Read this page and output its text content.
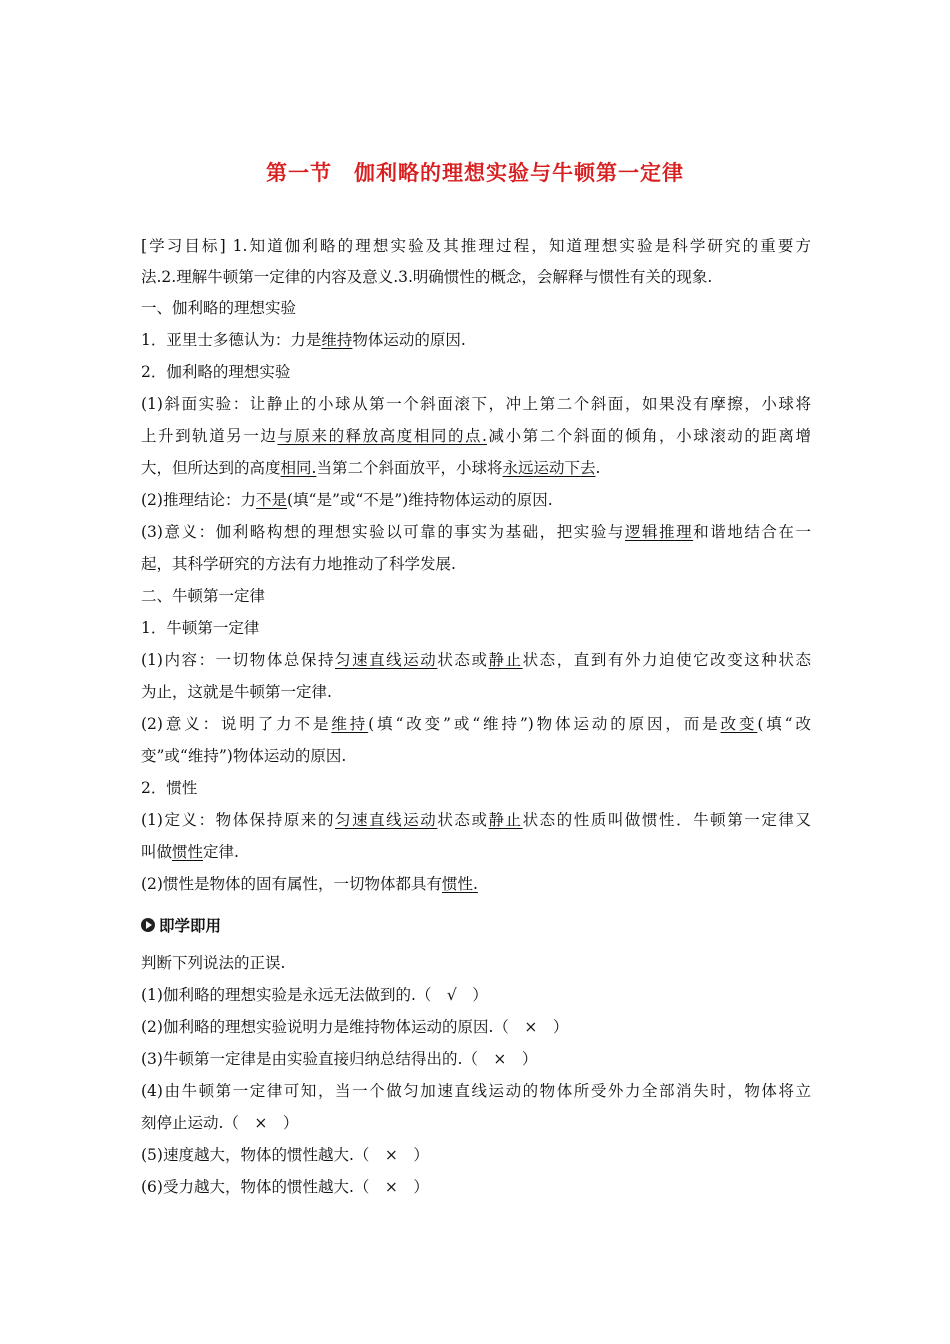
第一节　伽利略的理想实验与牛顿第一定律
[学习目标] 1.知道伽利略的理想实验及其推理过程，知道理想实验是科学研究的重要方
法.2.理解牛顿第一定律的内容及意义.3.明确惯性的概念，会解释与惯性有关的现象.
一、伽利略的理想实验
1．亚里士多德认为：力是维持物体运动的原因.
2．伽利略的理想实验
(1)斜面实验：让静止的小球从第一个斜面滚下，冲上第二个斜面，如果没有摩擦，小球将
上升到轨道另一边与原来的释放高度相同的点.减小第二个斜面的倾角，小球滚动的距离增
大，但所达到的高度相同.当第二个斜面放平，小球将永远运动下去.
(2)推理结论：力不是(填“是”或“不是”)维持物体运动的原因.
(3)意义：伽利略构想的理想实验以可靠的事实为基础，把实验与逻辑推理和谐地结合在一
起，其科学研究的方法有力地推动了科学发展.
二、牛顿第一定律
1．牛顿第一定律
(1)内容：一切物体总保持匀速直线运动状态或静止状态，直到有外力迫使它改变这种状态
为止，这就是牛顿第一定律.
(2)意义：说明了力不是维持(填“改变”或“维持”)物体运动的原因，而是改变(填“改
变”或“维持”)物体运动的原因.
2．惯性
(1)定义：物体保持原来的匀速直线运动状态或静止状态的性质叫做惯性．牛顿第一定律又
叫做惯性定律.
(2)惯性是物体的固有属性，一切物体都具有惯性.
即学即用
判断下列说法的正误.
(1)伽利略的理想实验是永远无法做到的.（　√　）
(2)伽利略的理想实验说明力是维持物体运动的原因.（　×　）
(3)牛顿第一定律是由实验直接归纳总结得出的.（　×　）
(4)由牛顿第一定律可知，当一个做匀加速直线运动的物体所受外力全部消失时，物体将立
刻停止运动.（　×　）
(5)速度越大，物体的惯性越大.（　×　）
(6)受力越大，物体的惯性越大.（　×　）
